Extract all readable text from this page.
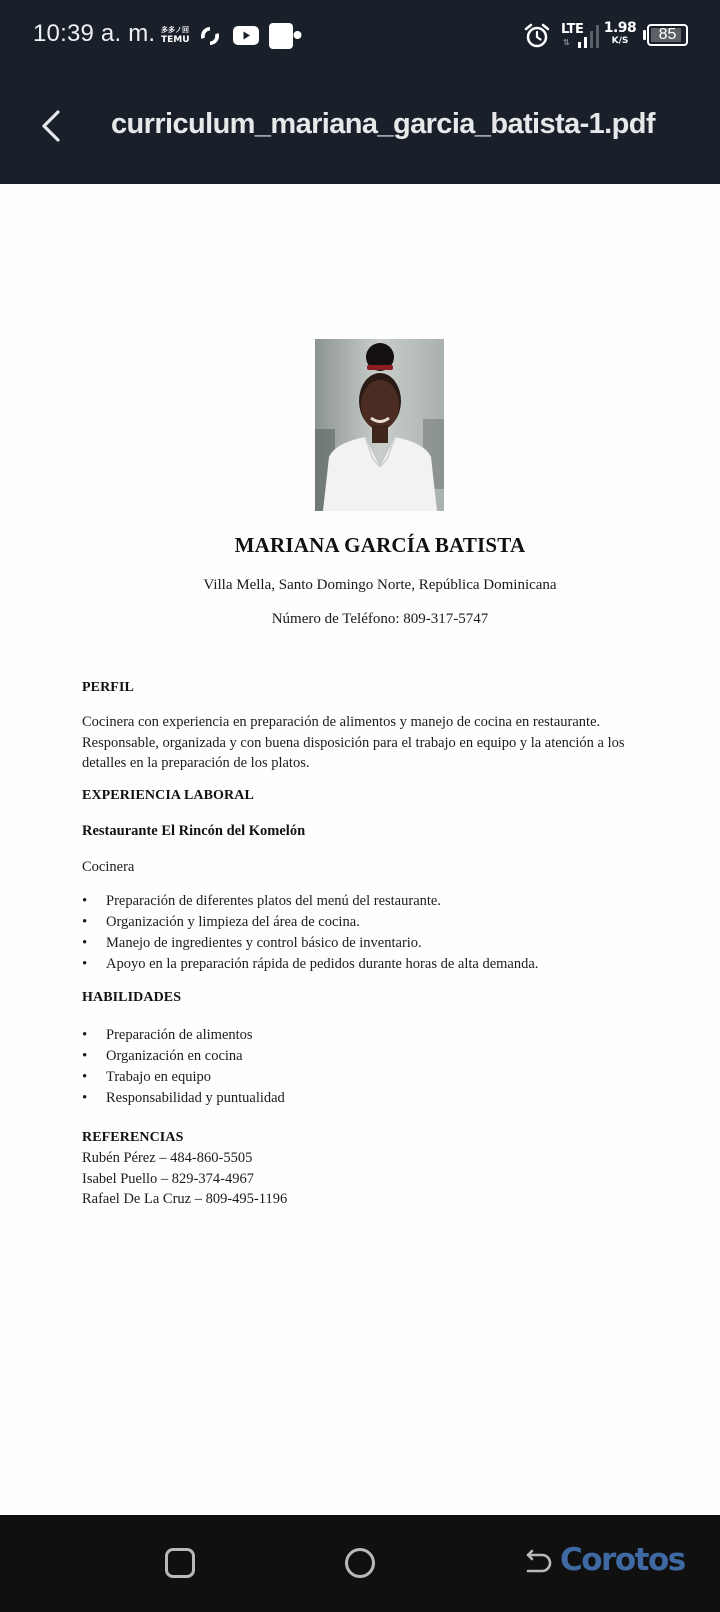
10:39 a. m. 多多ノ回
TEMU
LTE
⇅
1.98
K/S	85
curriculum_mariana_garcia_batista-1.pdf
MARIANA GARCÍA BATISTA
Villa Mella, Santo Domingo Norte, República Dominicana
Número de Teléfono: 809-317-5747
PERFIL
Cocinera con experiencia en preparación de alimentos y manejo de cocina en restaurante. Responsable, organizada y con buena disposición para el trabajo en equipo y la atención a los detalles en la preparación de los platos.
EXPERIENCIA LABORAL
Restaurante El Rincón del Komelón
Cocinera
• Preparación de diferentes platos del menú del restaurante.
• Organización y limpieza del área de cocina.
• Manejo de ingredientes y control básico de inventario.
• Apoyo en la preparación rápida de pedidos durante horas de alta demanda.
HABILIDADES
• Preparación de alimentos
• Organización en cocina
• Trabajo en equipo
• Responsabilidad y puntualidad
REFERENCIAS
Rubén Pérez – 484-860-5505
Isabel Puello – 829-374-4967
Rafael De La Cruz – 809-495-1196
Corotos
